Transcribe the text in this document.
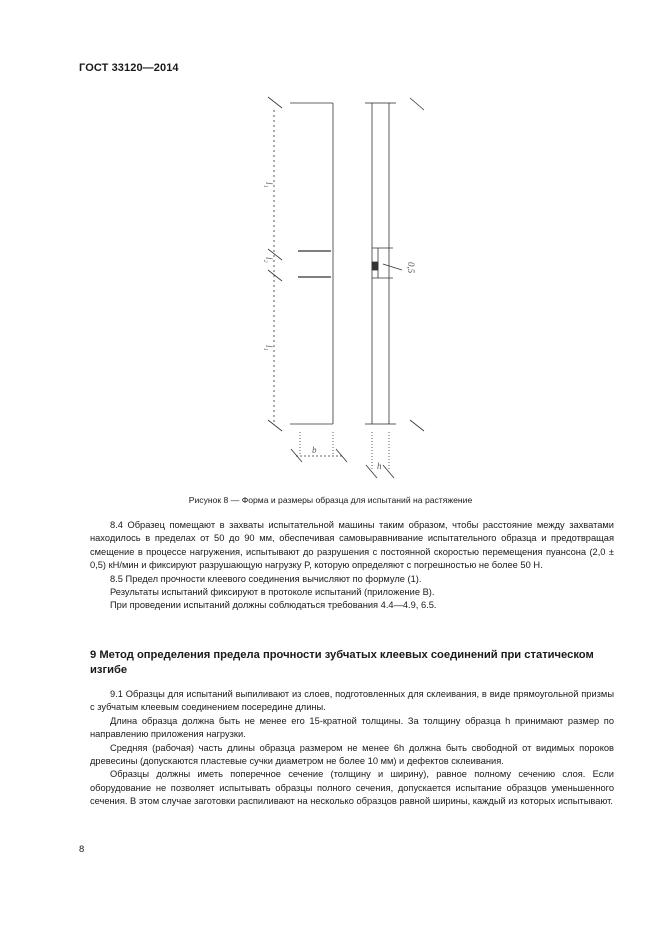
ГОСТ 33120—2014
l₁
l₂
l₁
b
h
0,5
Рисунок 8 — Форма и размеры образца для испытаний на растяжение

8.4 Образец помещают в захваты испытательной машины таким образом, чтобы расстояние между захватами находилось в пределах от 50 до 90 мм, обеспечивая самовыравнивание испытательного образца и предотвращая смещение в процессе нагружения, испытывают до разрушения с постоянной скоростью перемещения пуансона (2,0 ± 0,5) кН/мин и фиксируют разрушающую нагрузку P, которую определяют с погрешностью не более 50 Н.

8.5 Предел прочности клеевого соединения вычисляют по формуле (1).

Результаты испытаний фиксируют в протоколе испытаний (приложение В).

При проведении испытаний должны соблюдаться требования 4.4—4.9, 6.5.

9 Метод определения предела прочности зубчатых клеевых соединений при статическом изгибе

9.1 Образцы для испытаний выпиливают из слоев, подготовленных для склеивания, в виде прямоугольной призмы с зубчатым клеевым соединением посередине длины.

Длина образца должна быть не менее его 15-кратной толщины. За толщину образца h принимают размер по направлению приложения нагрузки.

Средняя (рабочая) часть длины образца размером не менее 6h должна быть свободной от видимых пороков древесины (допускаются пластевые сучки диаметром не более 10 мм) и дефектов склеивания.

Образцы должны иметь поперечное сечение (толщину и ширину), равное полному сечению слоя. Если оборудование не позволяет испытывать образцы полного сечения, допускается испытание образцов уменьшенного сечения. В этом случае заготовки распиливают на несколько образцов равной ширины, каждый из которых испытывают.

8
